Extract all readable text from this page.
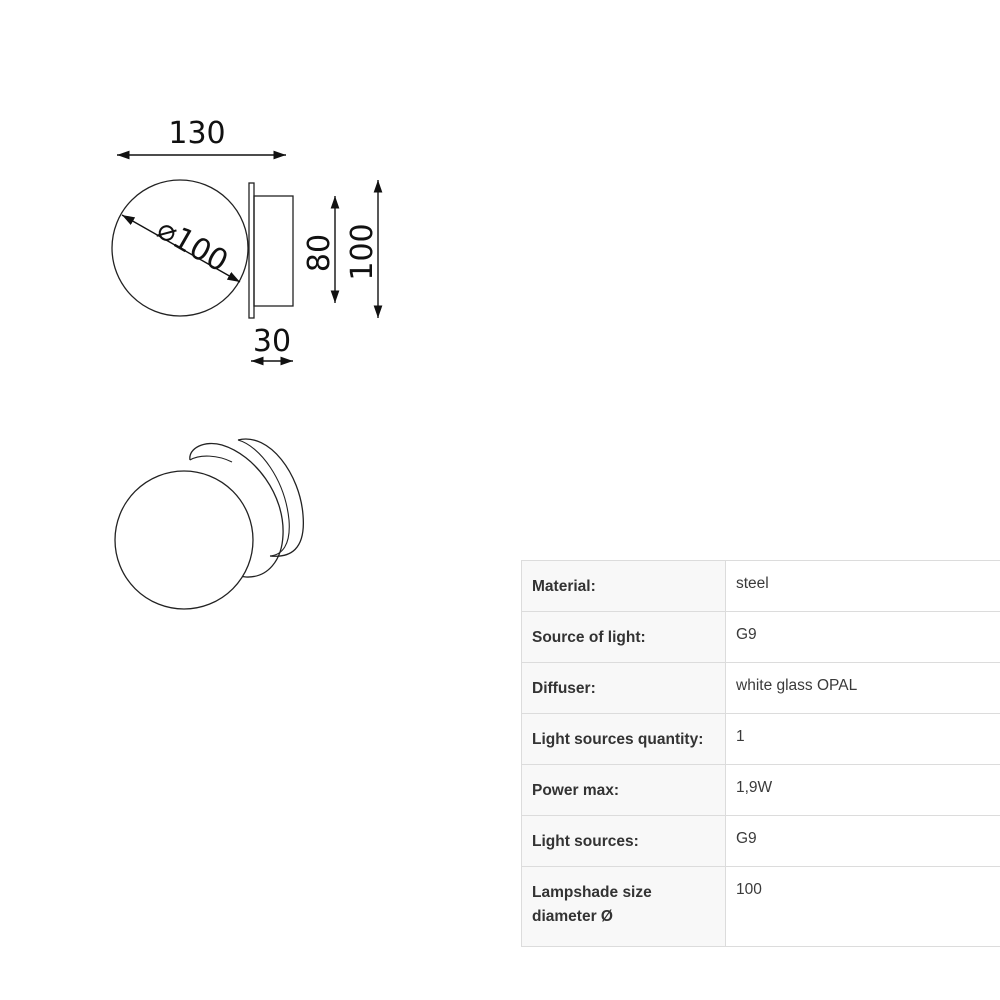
130
⌀100 80 100
30
Material:	steel
Source of light:	G9
Diffuser:	white glass OPAL
Light sources quantity:	1
Power max:	1,9W
Light sources:	G9
Lampshade size diameter Ø	100
